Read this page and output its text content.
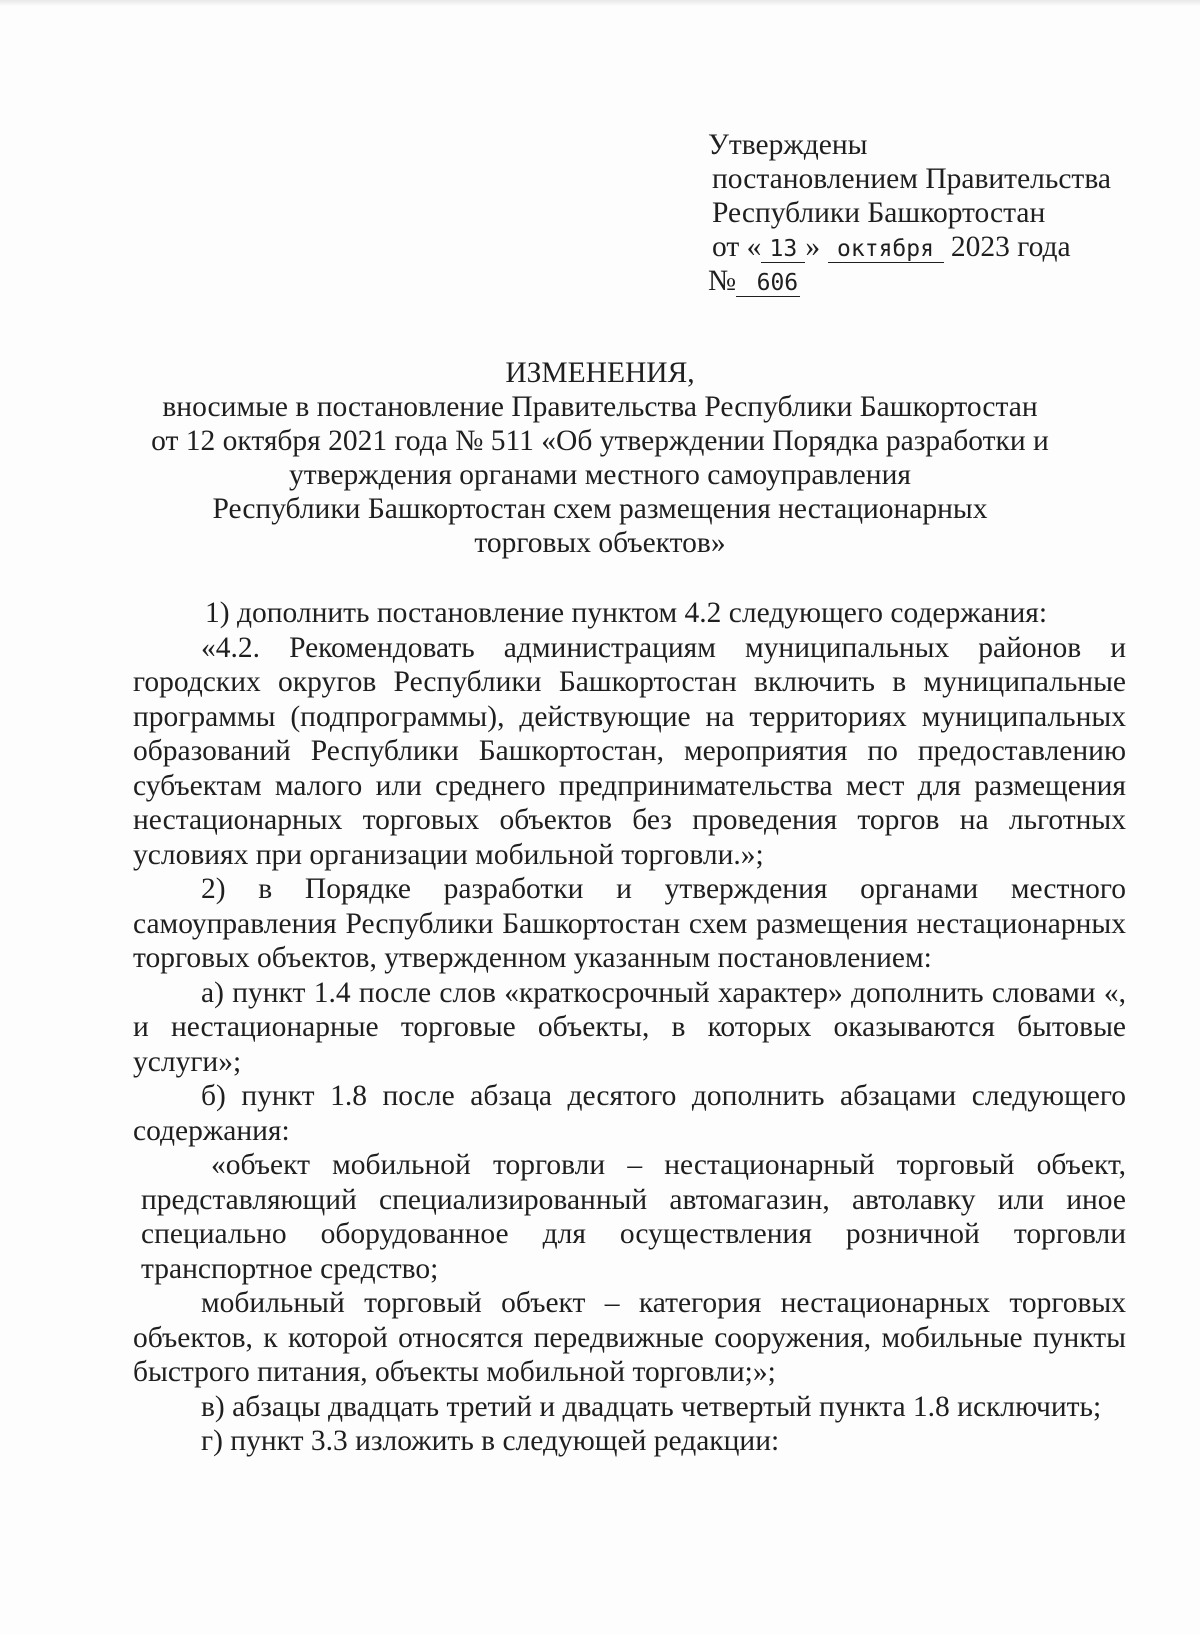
Утверждены
постановлением Правительства
Республики Башкортостан
от « 13 » октября 2023 года
№ 606
ИЗМЕНЕНИЯ,
вносимые в постановление Правительства Республики Башкортостан
от 12 октября 2021 года № 511 «Об утверждении Порядка разработки и
утверждения органами местного самоуправления
Республики Башкортостан схем размещения нестационарных
торговых объектов»

1) дополнить постановление пунктом 4.2 следующего содержания:

«4.2. Рекомендовать администрациям муниципальных районов и городских округов Республики Башкортостан включить в муниципальные программы (подпрограммы), действующие на территориях муниципальных образований Республики Башкортостан, мероприятия по предоставлению субъектам малого или среднего предпринимательства мест для размещения нестационарных торговых объектов без проведения торгов на льготных условиях при организации мобильной торговли.»;

2) в Порядке разработки и утверждения органами местного самоуправления Республики Башкортостан схем размещения нестационарных торговых объектов, утвержденном указанным постановлением:

а) пункт 1.4 после слов «краткосрочный характер» дополнить словами «, и нестационарные торговые объекты, в которых оказываются бытовые услуги»;

б) пункт 1.8 после абзаца десятого дополнить абзацами следующего содержания:

«объект мобильной торговли – нестационарный торговый объект, представляющий специализированный автомагазин, автолавку или иное специально оборудованное для осуществления розничной торговли транспортное средство;

мобильный торговый объект – категория нестационарных торговых объектов, к которой относятся передвижные сооружения, мобильные пункты быстрого питания, объекты мобильной торговли;»;

в) абзацы двадцать третий и двадцать четвертый пункта 1.8 исключить;

г) пункт 3.3 изложить в следующей редакции:
